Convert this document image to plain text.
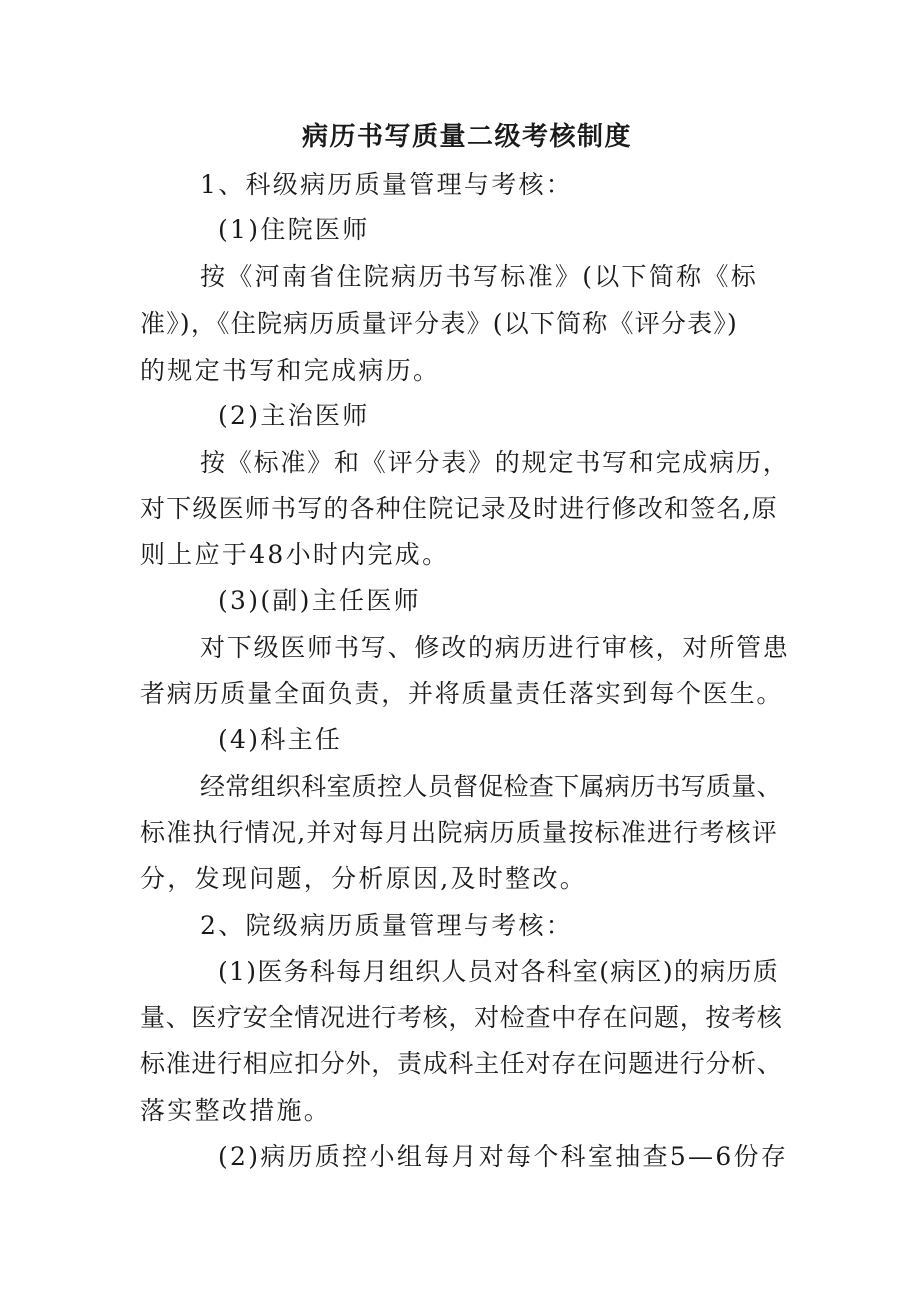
病历书写质量二级考核制度
1、科级病历质量管理与考核：
(1)住院医师
按《河南省住院病历书写标准》(以下简称《标
准》)，《住院病历质量评分表》(以下简称《评分表》)
的规定书写和完成病历。
(2)主治医师
按《标准》和《评分表》的规定书写和完成病历，
对下级医师书写的各种住院记录及时进行修改和签名,原
则上应于48小时内完成。
(3)(副)主任医师
对下级医师书写、修改的病历进行审核，对所管患
者病历质量全面负责，并将质量责任落实到每个医生。
(4)科主任
经常组织科室质控人员督促检查下属病历书写质量、
标准执行情况,并对每月出院病历质量按标准进行考核评
分，发现问题，分析原因,及时整改。
2、院级病历质量管理与考核：
(1)医务科每月组织人员对各科室(病区)的病历质
量、医疗安全情况进行考核，对检查中存在问题，按考核
标准进行相应扣分外，责成科主任对存在问题进行分析、
落实整改措施。
(2)病历质控小组每月对每个科室抽查5—6份存
